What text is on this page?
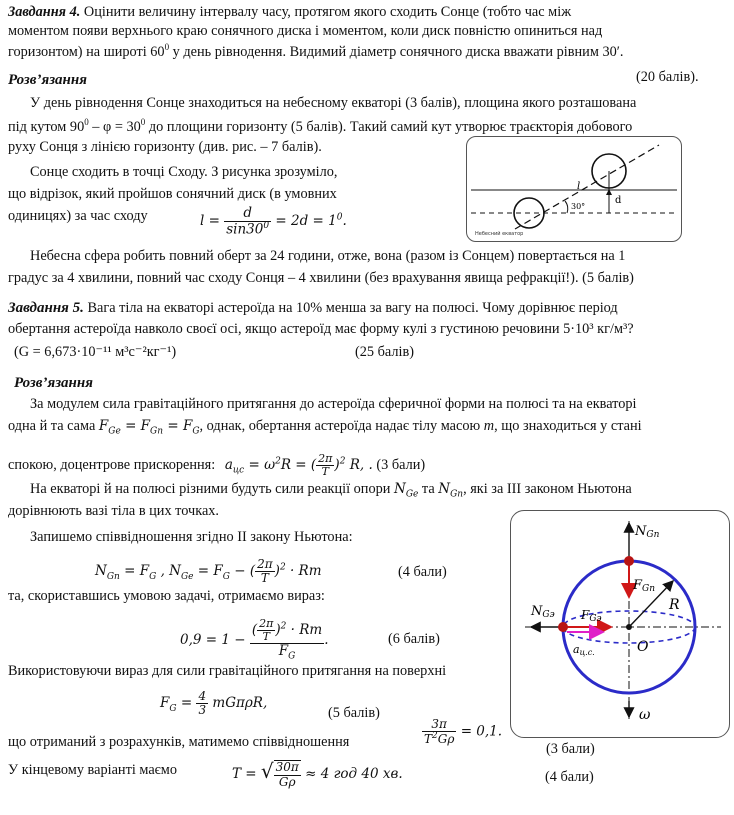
Завдання 4. Оцінити величину інтервалу часу, протягом якого сходить Сонце (тобто час між
моментом появи верхнього краю сонячного диска і моментом, коли диск повністю опиниться над
горизонтом) на широті $60^0$ у день рівнодення. Видимий діаметр сонячного диска вважати рівним 30′.
Розв’язання	(20 балів).
У день рівнодення Сонце знаходиться на небесному екваторі (3 балів), площина якого розташована
під кутом $90^0 - \varphi = 30^0$ до площини горизонту (5 балів). Такий самий кут утворює траєкторія добового
руху Сонця з лінією горизонту (див. рис. – 7 балів).
Сонце сходить в точці Сходу. З рисунка зрозуміло,
що відрізок, який пройшов сонячний диск (в умовних
одиницях) за час сходу	$l = \frac{d}{\sin 30^0} = 2d = 1^0$.
Небесний екватор
l
d
30°
Небесна сфера робить повний оберт за 24 години, отже, вона (разом із Сонцем) повертається на 1
градус за 4 хвилини, повний час сходу Сонця – 4 хвилини (без врахування явища рефракції!). (5 балів)
Завдання 5. Вага тіла на екваторі астероїда на 10% менша за вагу на полюсі. Чому дорівнює період
обертання астероїда навколо своєї осі, якщо астероїд має форму кулі з густиною речовини 5·10³ кг/м³?
(G = 6,673·10⁻¹¹ м³с⁻²кг⁻¹)	(25 балів)
Розв’язання
За модулем сила гравітаційного притягання до астероїда сферичної форми на полюсі та на екваторі
одна й та сама $F_{Gе} = F_{Gп} = F_G$, однак, обертання астероїда надає тілу масою m, що знаходиться у стані
спокою, доцентрове прискорення: $a_{цс} = \omega^2R$ = ( $\frac{2\pi}{T} )^2$ R, . (3 бали)
На екваторі й на полюсі різними будуть сили реакції опори $N_{Gе}$ та $N_{Gп}$, які за III законом Ньютона
дорівнюють вазі тіла в цих точках.
Запишемо співвідношення згідно II закону Ньютона:
$N_{Gп} = F_G$ , $N_{Gе} = F_G$ − ( $\frac{2\pi}{T} )^2 \cdot Rm$	(4 бали)
та, скориставшись умовою задачі, отримаємо вираз:
$0,9 = 1 - \frac{( \frac{2\pi}{T} )^2 \cdot Rm}{F_G}$ .	(6 балів)
Використовуючи вираз для сили гравітаційного притягання на поверхні
$F_G = \frac{4}{3} mG\pi\rho R$,
(5 балів)
що отриманий з розрахунків, матимемо співвідношення	$\frac{3\pi}{T^2G\rho} = 0,1$.
(3 бали)
У кінцевому варіанті маємо	T = √ $\frac{30\pi}{G\rho} \approx 4$ год 40 хв.	(4 бали)
NGп
FGп
NGэ FGэ
R
O
aц.с.
ω
